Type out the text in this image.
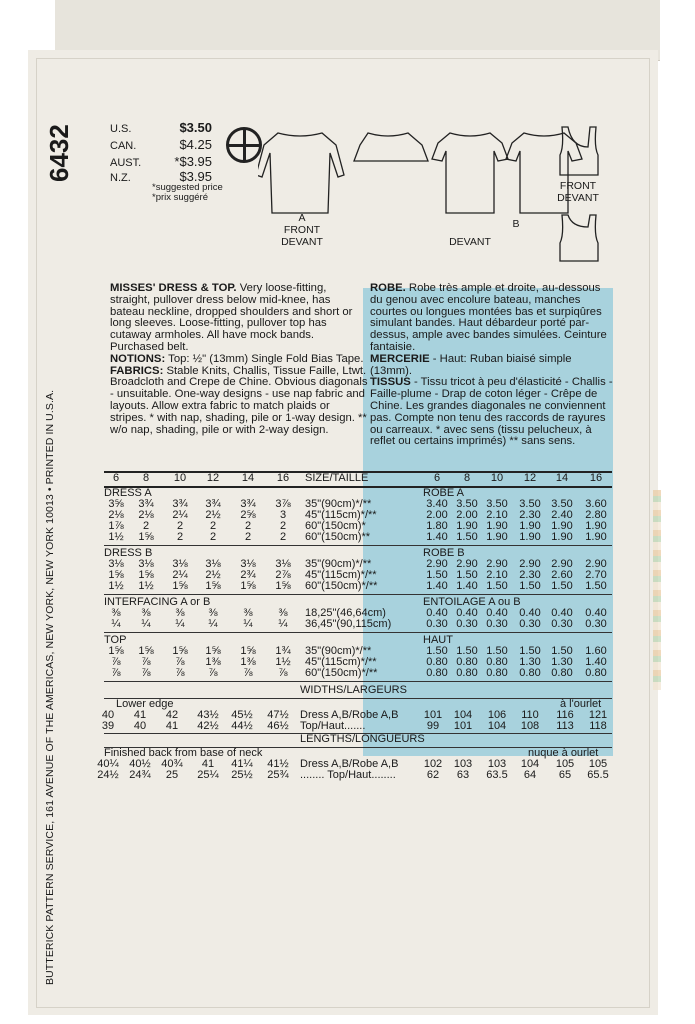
6432
BUTTERICK PATTERN SERVICE, 161 AVENUE OF THE AMERICAS, NEW YORK, NEW YORK 10013 • PRINTED IN U.S.A.
U.S.	$3.50
CAN.	$4.25
AUST.	*$3.95
N.Z.	$3.95
*suggested price
*prix suggéré
A
FRONT
DEVANT
B
DEVANT
FRONT
DEVANT
MISSES' DRESS & TOP. Very loose-fitting, straight, pullover dress below mid-knee, has bateau neckline, dropped shoulders and short or long sleeves. Loose-fitting, pullover top has cutaway armholes. All have mock bands. Purchased belt.
NOTIONS: Top: ½" (13mm) Single Fold Bias Tape.
FABRICS: Stable Knits, Challis, Tissue Faille, Ltwt. Broadcloth and Crepe de Chine. Obvious diagonals - unsuitable. One-way designs - use nap fabric and layouts. Allow extra fabric to match plaids or stripes. * with nap, shading, pile or 1-way design. ** w/o nap, shading, pile or with 2-way design.
ROBE. Robe très ample et droite, au-dessous du genou avec encolure bateau, manches courtes ou longues montées bas et surpiqûres simulant bandes. Haut débardeur porté par-dessus, ample avec bandes simulées. Ceinture fantaisie.
MERCERIE - Haut: Ruban biaisé simple (13mm).
TISSUS - Tissu tricot à peu d'élasticité - Challis - Faille-plume - Drap de coton léger - Crêpe de Chine. Les grandes diagonales ne conviennent pas. Compte non tenu des raccords de rayures ou carreaux. * avec sens (tissu pelucheux, à reflet ou certains imprimés) ** sans sens.
6 8 10 12 14 16 SIZE/TAILLE	6 8 10 12 14 16
DRESS A	ROBE A
3⅝ 3¾ 3¾ 3¾ 3¾ 3⅞ 35"(90cm)*/**	3.40 3.50 3.50 3.50 3.50 3.60
2⅛ 2⅛ 2¼ 2½ 2⅝ 3 45"(115cm)*/**	2.00 2.00 2.10 2.30 2.40 2.80
1⅞ 2	2 2	2	2 60"(150cm)*	1.80 1.90 1.90 1.90 1.90 1.90
1½ 1⅝ 2 2	2	2 60"(150cm)**	1.40 1.50 1.90 1.90 1.90 1.90
DRESS B	ROBE B
3⅛ 3⅛ 3⅛ 3⅛ 3⅛ 3⅛ 35"(90cm)*/**	2.90 2.90 2.90 2.90 2.90 2.90
1⅝ 1⅝ 2¼ 2½ 2¾ 2⅞ 45"(115cm)*/**	1.50 1.50 2.10 2.30 2.60 2.70
1½ 1½ 1⅝ 1⅝ 1⅝ 1⅝ 60"(150cm)*/**	1.40 1.40 1.50 1.50 1.50 1.50
INTERFACING A or B	ENTOILAGE A ou B
⅜ ⅜ ⅜ ⅜ ⅜ ⅜ 18,25"(46,64cm)	0.40 0.40 0.40 0.40 0.40 0.40
¼ ¼ ¼ ¼ ¼ ¼ 36,45"(90,115cm)	0.30 0.30 0.30 0.30 0.30 0.30
TOP	HAUT
1⅝ 1⅝ 1⅝ 1⅝ 1⅝ 1¾ 35"(90cm)*/**	1.50 1.50 1.50 1.50 1.50 1.60
⅞ ⅞ ⅞ 1⅜ 1⅜ 1½ 45"(115cm)*/**	0.80 0.80 0.80 1.30 1.30 1.40
⅞ ⅞ ⅞ ⅞ ⅞ ⅞ 60"(150cm)*/**	0.80 0.80 0.80 0.80 0.80 0.80
WIDTHS/LARGEURS
Lower edge	à l'ourlet
40 41 42 43½ 45½ 47½ Dress A,B/Robe A,B 101 104 106 110 116 121
39 40 41 42½ 44½ 46½ Top/Haut.......	99 101 104 108 113 118
LENGTHS/LONGUEURS
Finished back from base of neck	nuque à ourlet
40¼ 40½ 40¾ 41 41¼ 41½ Dress A,B/Robe A,B 102 103 103 104 105 105
24½ 24¾ 25 25¼ 25½ 25¾ ........ Top/Haut........	62 63 63.5 64 65 65.5
